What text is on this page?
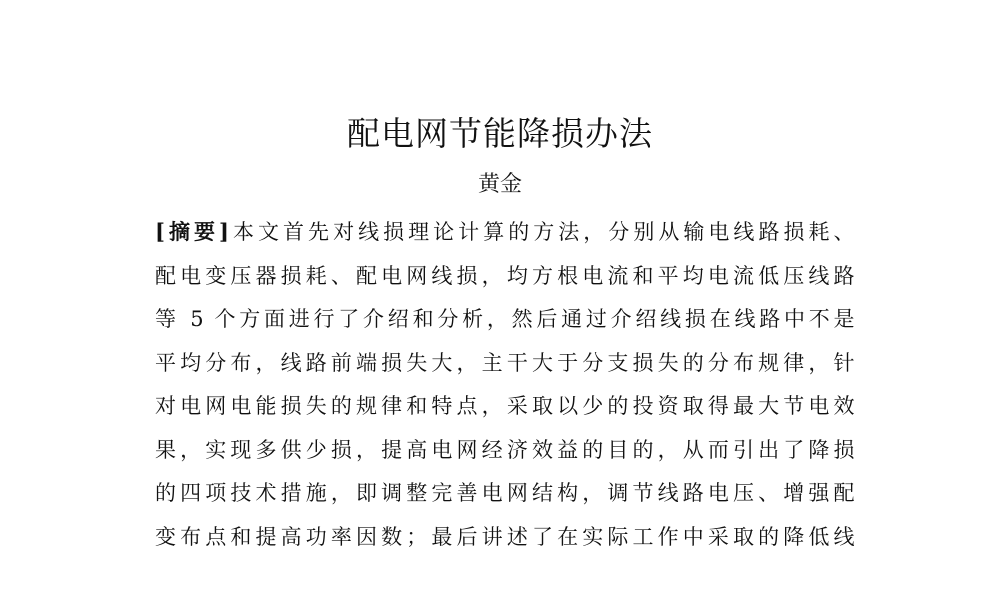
配电网节能降损办法
黄金
[摘要]本文首先对线损理论计算的方法，分别从输电线路损耗、
配电变压器损耗、配电网线损，均方根电流和平均电流低压线路
等 5 个方面进行了介绍和分析，然后通过介绍线损在线路中不是
平均分布，线路前端损失大，主干大于分支损失的分布规律，针
对电网电能损失的规律和特点，采取以少的投资取得最大节电效
果，实现多供少损，提高电网经济效益的目的，从而引出了降损
的四项技术措施，即调整完善电网结构，调节线路电压、增强配
变布点和提高功率因数；最后讲述了在实际工作中采取的降低线
